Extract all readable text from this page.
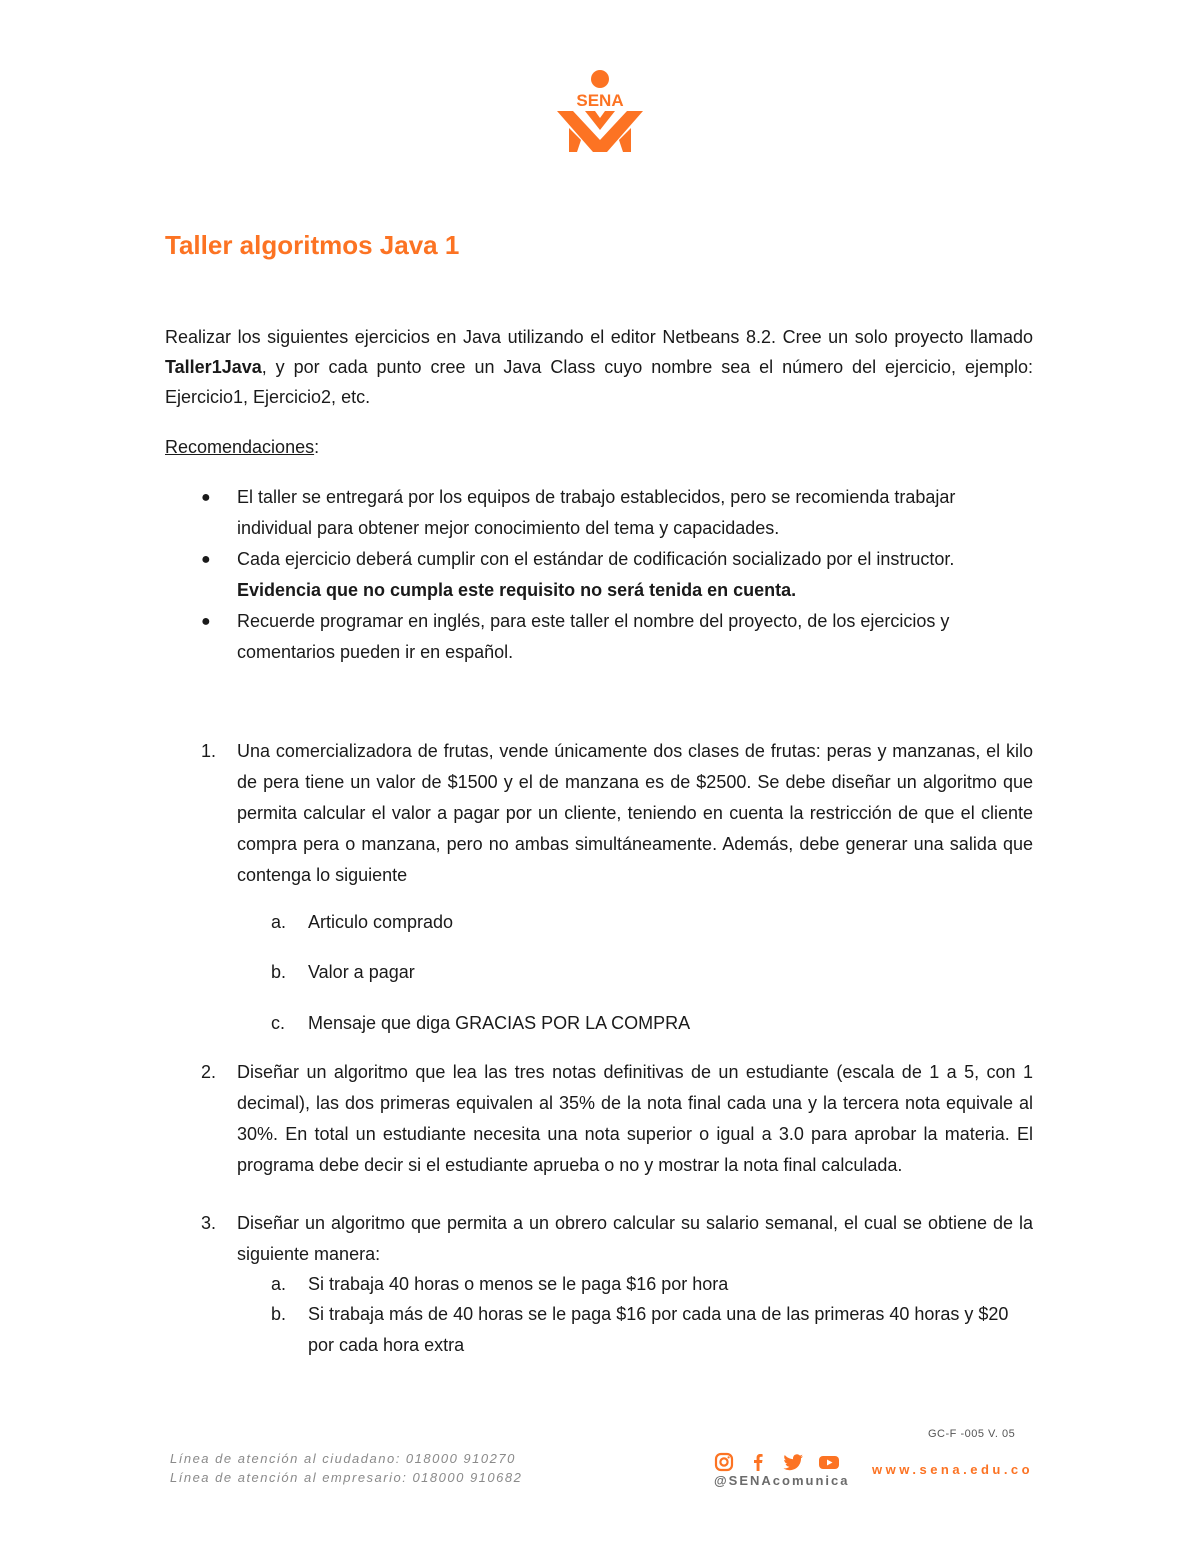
SENA
Taller algoritmos Java 1
Realizar los siguientes ejercicios en Java utilizando el editor Netbeans 8.2. Cree un solo proyecto llamado Taller1Java, y por cada punto cree un Java Class cuyo nombre sea el número del ejercicio, ejemplo: Ejercicio1, Ejercicio2, etc.
Recomendaciones:
● El taller se entregará por los equipos de trabajo establecidos, pero se recomienda trabajar individual para obtener mejor conocimiento del tema y capacidades.
● Cada ejercicio deberá cumplir con el estándar de codificación socializado por el instructor. Evidencia que no cumpla este requisito no será tenida en cuenta.
● Recuerde programar en inglés, para este taller el nombre del proyecto, de los ejercicios y comentarios pueden ir en español.
1. Una comercializadora de frutas, vende únicamente dos clases de frutas: peras y manzanas, el kilo de pera tiene un valor de $1500 y el de manzana es de $2500. Se debe diseñar un algoritmo que permita calcular el valor a pagar por un cliente, teniendo en cuenta la restricción de que el cliente compra pera o manzana, pero no ambas simultáneamente. Además, debe generar una salida que contenga lo siguiente
a. Articulo comprado
b. Valor a pagar
c. Mensaje que diga GRACIAS POR LA COMPRA
2. Diseñar un algoritmo que lea las tres notas definitivas de un estudiante (escala de 1 a 5, con 1 decimal), las dos primeras equivalen al 35% de la nota final cada una y la tercera nota equivale al 30%. En total un estudiante necesita una nota superior o igual a 3.0 para aprobar la materia. El programa debe decir si el estudiante aprueba o no y mostrar la nota final calculada.
3. Diseñar un algoritmo que permita a un obrero calcular su salario semanal, el cual se obtiene de la siguiente manera:
a. Si trabaja 40 horas o menos se le paga $16 por hora
b. Si trabaja más de 40 horas se le paga $16 por cada una de las primeras 40 horas y $20 por cada hora extra
GC-F -005 V. 05
Línea de atención al ciudadano: 018000 910270
Línea de atención al empresario: 018000 910682	@SENAcomunica
www.sena.edu.co
